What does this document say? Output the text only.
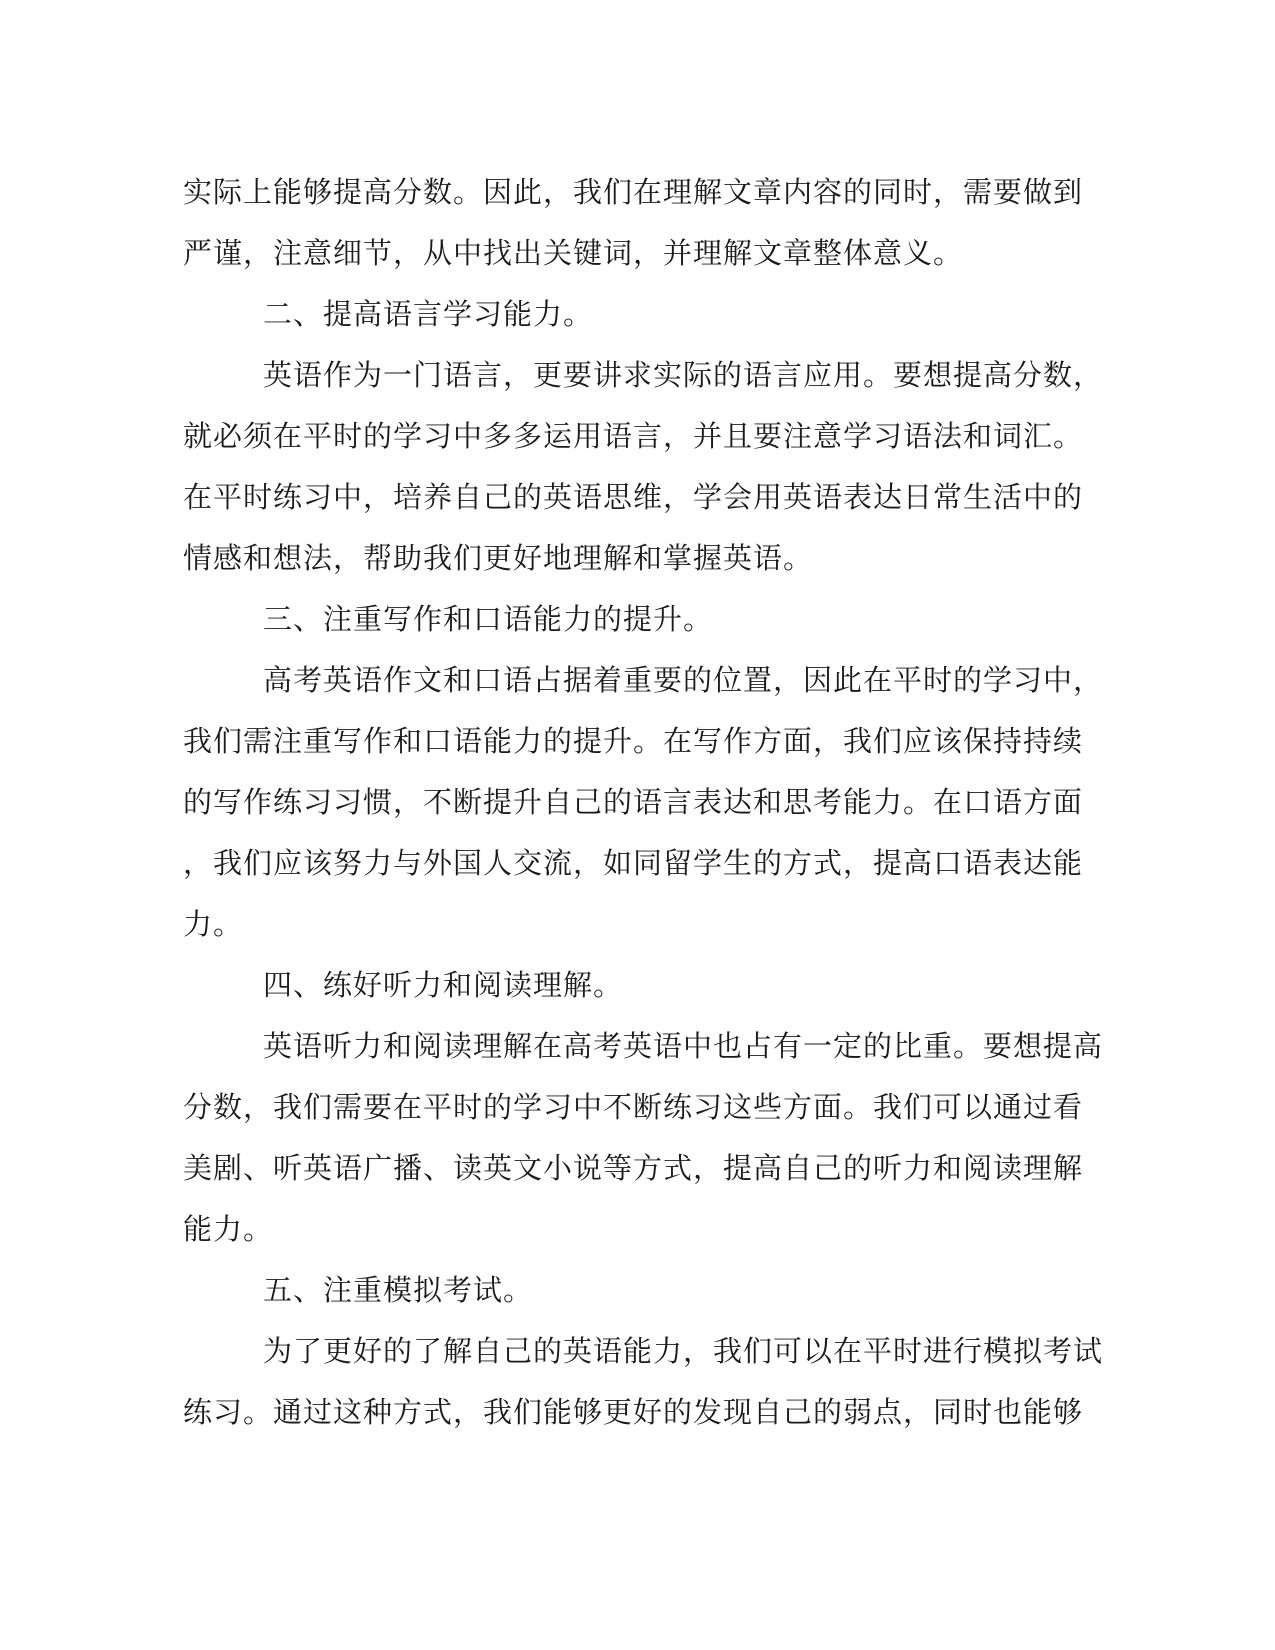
实际上能够提高分数。因此，我们在理解文章内容的同时，需要做到

严谨，注意细节，从中找出关键词，并理解文章整体意义。

二、提高语言学习能力。

英语作为一门语言，更要讲求实际的语言应用。要想提高分数，

就必须在平时的学习中多多运用语言，并且要注意学习语法和词汇。

在平时练习中，培养自己的英语思维，学会用英语表达日常生活中的

情感和想法，帮助我们更好地理解和掌握英语。

三、注重写作和口语能力的提升。

高考英语作文和口语占据着重要的位置，因此在平时的学习中，

我们需注重写作和口语能力的提升。在写作方面，我们应该保持持续

的写作练习习惯，不断提升自己的语言表达和思考能力。在口语方面

，我们应该努力与外国人交流，如同留学生的方式，提高口语表达能

力。

四、练好听力和阅读理解。

英语听力和阅读理解在高考英语中也占有一定的比重。要想提高

分数，我们需要在平时的学习中不断练习这些方面。我们可以通过看

美剧、听英语广播、读英文小说等方式，提高自己的听力和阅读理解

能力。

五、注重模拟考试。

为了更好的了解自己的英语能力，我们可以在平时进行模拟考试

练习。通过这种方式，我们能够更好的发现自己的弱点，同时也能够
